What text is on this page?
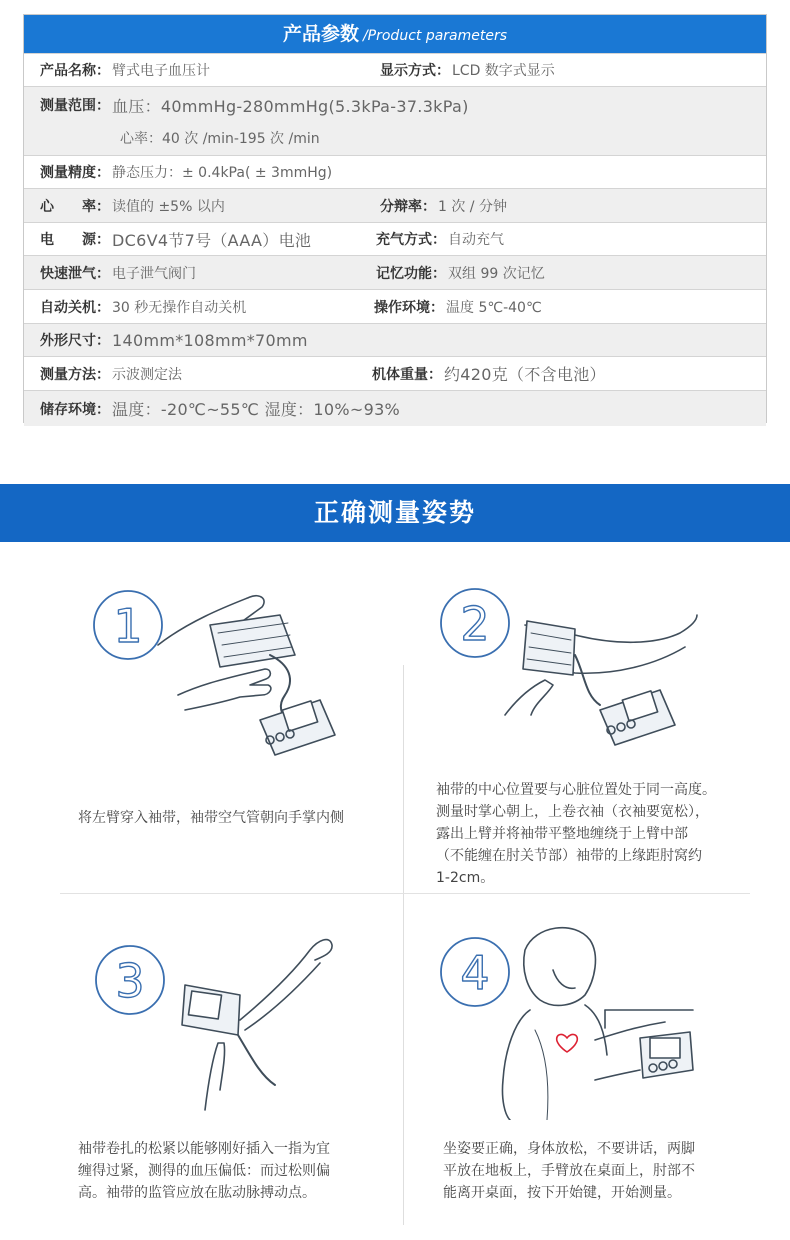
产品参数 /Product parameters
产品名称： 臂式电子血压计	显示方式： LCD 数字式显示
测量范围： 血压：40mmHg-280mmHg(5.3kPa-37.3kPa)
心率：40 次 /min-195 次 /min
测量精度： 静态压力：± 0.4kPa( ± 3mmHg)
心　　率： 读值的 ±5% 以内	分辩率： 1 次 / 分钟
电　　源： DC6V4节7号（AAA）电池	充气方式： 自动充气
快速泄气： 电子泄气阀门	记忆功能： 双组 99 次记忆
自动关机： 30 秒无操作自动关机	操作环境： 温度 5℃-40℃
外形尺寸： 140mm*108mm*70mm
测量方法： 示波测定法	机体重量： 约420克（不含电池）
储存环境： 温度：-20℃~55℃ 湿度：10%~93%
正确测量姿势
1	2
3	4
将左臂穿入袖带，袖带空气管朝向手掌内侧
袖带的中心位置要与心脏位置处于同一高度。
测量时掌心朝上，上卷衣袖（衣袖要宽松），
露出上臂并将袖带平整地缠绕于上臂中部
（不能缠在肘关节部）袖带的上缘距肘窝约
1-2cm。
袖带卷扎的松紧以能够刚好插入一指为宜
缠得过紧，测得的血压偏低：而过松则偏
高。袖带的监管应放在肱动脉搏动点。
坐姿要正确，身体放松，不要讲话，两脚
平放在地板上，手臂放在桌面上，肘部不
能离开桌面，按下开始键，开始测量。
